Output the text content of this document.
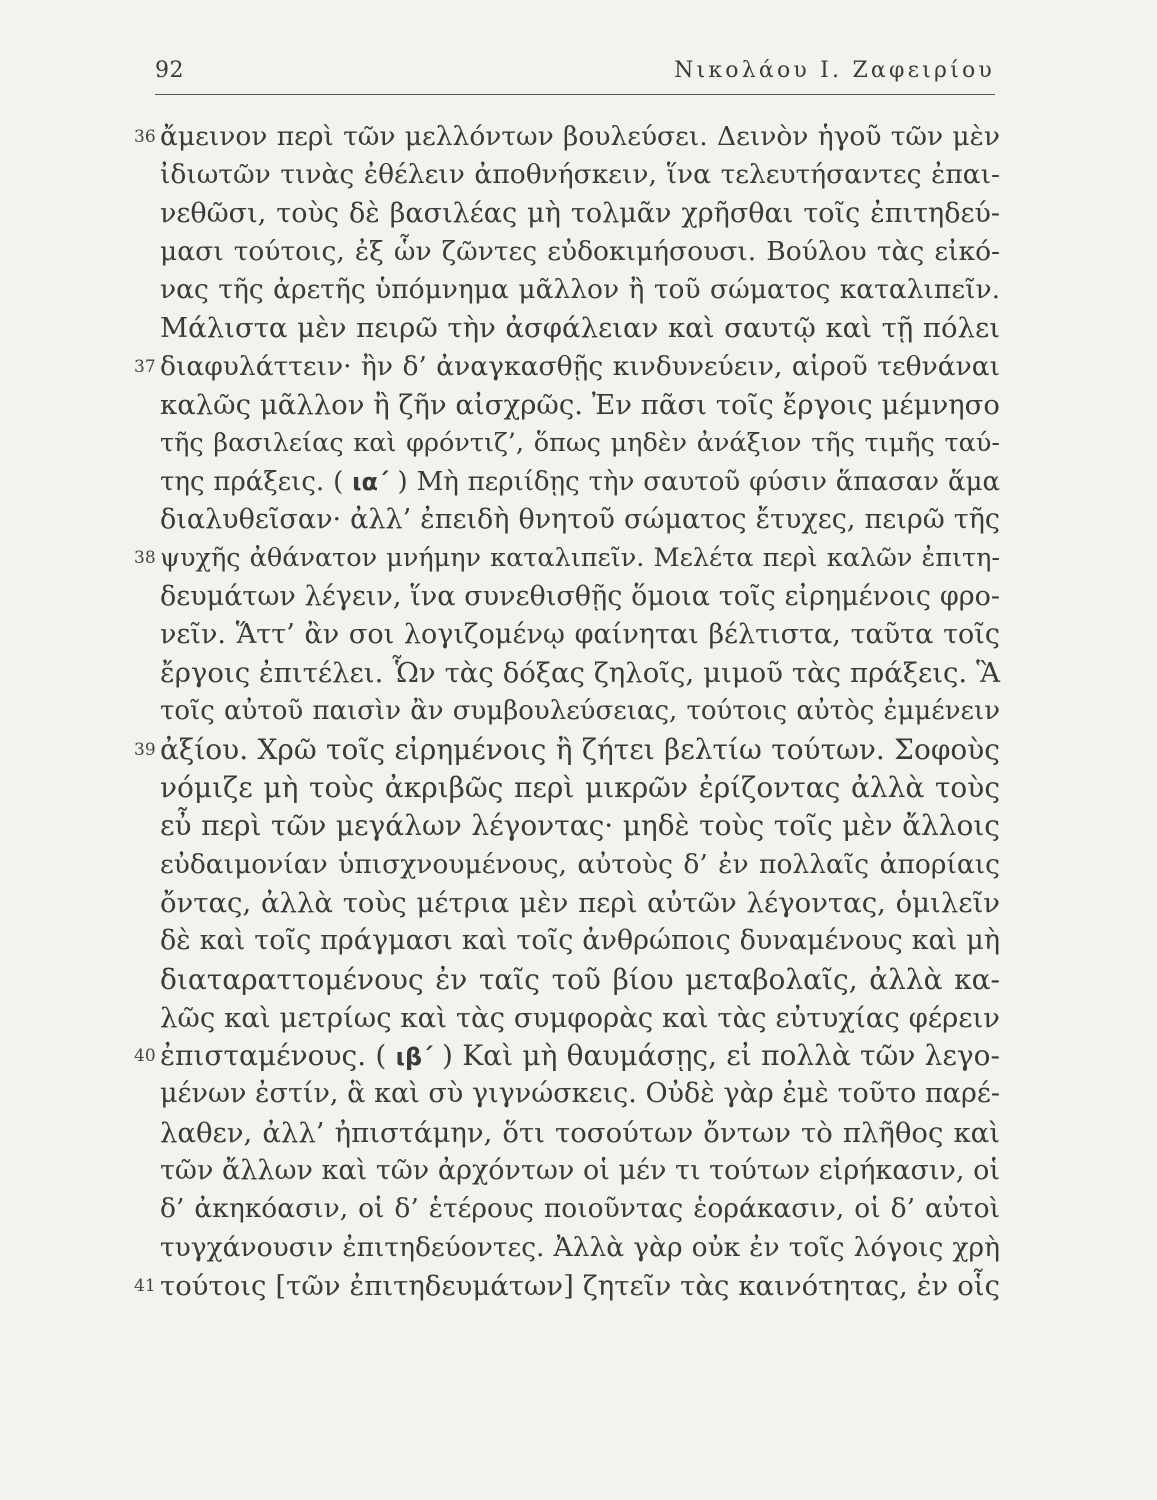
92	Νικολάου Ι. Ζαφειρίου
36 ἄμεινον περὶ τῶν μελλόντων βουλεύσει. Δεινὸν ἡγοῦ τῶν μὲν
ἰδιωτῶν τινὰς ἐθέλειν ἀποθνήσκειν, ἵνα τελευτήσαντες ἐπαι-
νεθῶσι, τοὺς δὲ βασιλέας μὴ τολμᾶν χρῆσθαι τοῖς ἐπιτηδεύ-
μασι τούτοις, ἐξ ὧν ζῶντες εὐδοκιμήσουσι. Βούλου τὰς εἰκό-
νας τῆς ἀρετῆς ὑπόμνημα μᾶλλον ἢ τοῦ σώματος καταλιπεῖν.
Μάλιστα μὲν πειρῶ τὴν ἀσφάλειαν καὶ σαυτῷ καὶ τῇ πόλει
37 διαφυλάττειν· ἢν δ’ ἀναγκασθῇς κινδυνεύειν, αἱροῦ τεθνάναι
καλῶς μᾶλλον ἢ ζῆν αἰσχρῶς. Ἐν πᾶσι τοῖς ἔργοις μέμνησο
τῆς βασιλείας καὶ φρόντιζ’, ὅπως μηδὲν ἀνάξιον τῆς τιμῆς ταύ-
της πράξεις. ( ια΄ ) Μὴ περιίδῃς τὴν σαυτοῦ φύσιν ἅπασαν ἅμα
διαλυθεῖσαν· ἀλλ’ ἐπειδὴ θνητοῦ σώματος ἔτυχες, πειρῶ τῆς
38 ψυχῆς ἀθάνατον μνήμην καταλιπεῖν. Μελέτα περὶ καλῶν ἐπιτη-
δευμάτων λέγειν, ἵνα συνεθισθῇς ὅμοια τοῖς εἰρημένοις φρο-
νεῖν. Ἅττ’ ἂν σοι λογιζομένῳ φαίνηται βέλτιστα, ταῦτα τοῖς
ἔργοις ἐπιτέλει. Ὧν τὰς δόξας ζηλοῖς, μιμοῦ τὰς πράξεις. Ἃ
τοῖς αὐτοῦ παισὶν ἂν συμβουλεύσειας, τούτοις αὐτὸς ἐμμένειν
39 ἀξίου. Χρῶ τοῖς εἰρημένοις ἢ ζήτει βελτίω τούτων. Σοφοὺς
νόμιζε μὴ τοὺς ἀκριβῶς περὶ μικρῶν ἐρίζοντας ἀλλὰ τοὺς
εὖ περὶ τῶν μεγάλων λέγοντας· μηδὲ τοὺς τοῖς μὲν ἄλλοις
εὐδαιμονίαν ὑπισχνουμένους, αὐτοὺς δ’ ἐν πολλαῖς ἀπορίαις
ὄντας, ἀλλὰ τοὺς μέτρια μὲν περὶ αὐτῶν λέγοντας, ὁμιλεῖν
δὲ καὶ τοῖς πράγμασι καὶ τοῖς ἀνθρώποις δυναμένους καὶ μὴ
διαταραττομένους ἐν ταῖς τοῦ βίου μεταβολαῖς, ἀλλὰ κα-
λῶς καὶ μετρίως καὶ τὰς συμφορὰς καὶ τὰς εὐτυχίας φέρειν
40 ἐπισταμένους. ( ιβ΄ ) Καὶ μὴ θαυμάσῃς, εἰ πολλὰ τῶν λεγο-
μένων ἐστίν, ἃ καὶ σὺ γιγνώσκεις. Οὐδὲ γὰρ ἐμὲ τοῦτο παρέ-
λαθεν, ἀλλ’ ἠπιστάμην, ὅτι τοσούτων ὄντων τὸ πλῆθος καὶ
τῶν ἄλλων καὶ τῶν ἀρχόντων οἱ μέν τι τούτων εἰρήκασιν, οἱ
δ’ ἀκηκόασιν, οἱ δ’ ἑτέρους ποιοῦντας ἑοράκασιν, οἱ δ’ αὐτοὶ
τυγχάνουσιν ἐπιτηδεύοντες. Ἀλλὰ γὰρ οὐκ ἐν τοῖς λόγοις χρὴ
41 τούτοις [τῶν ἐπιτηδευμάτων] ζητεῖν τὰς καινότητας, ἐν οἷς
